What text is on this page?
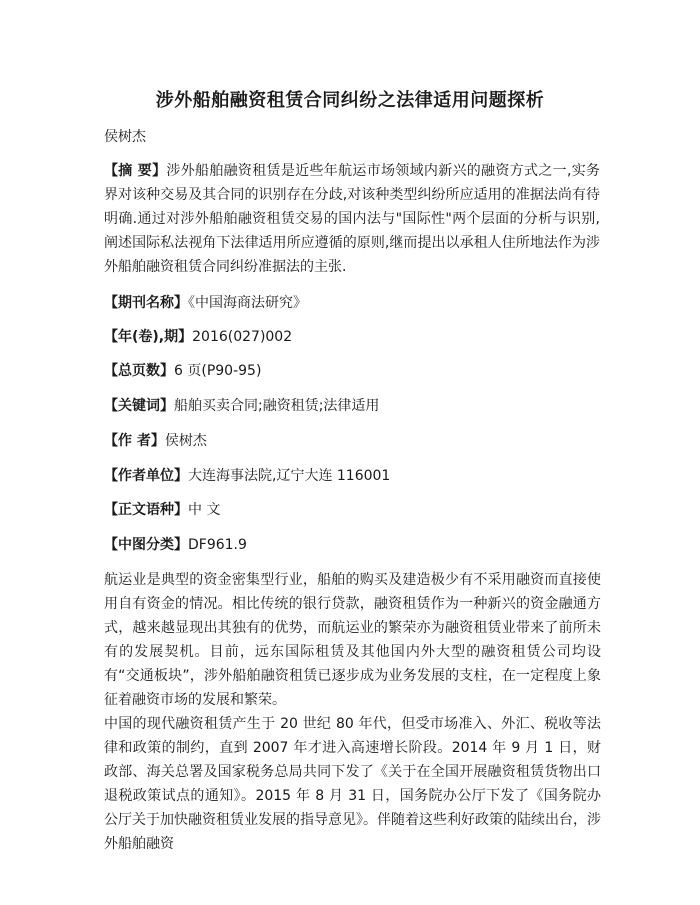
涉外船舶融资租赁合同纠纷之法律适用问题探析
侯树杰
【摘 要】涉外船舶融资租赁是近些年航运市场领域内新兴的融资方式之一,实务界对该种交易及其合同的识别存在分歧,对该种类型纠纷所应适用的准据法尚有待明确.通过对涉外船舶融资租赁交易的国内法与"国际性"两个层面的分析与识别,阐述国际私法视角下法律适用所应遵循的原则,继而提出以承租人住所地法作为涉外船舶融资租赁合同纠纷准据法的主张.
【期刊名称】《中国海商法研究》
【年(卷),期】2016(027)002
【总页数】6 页(P90-95)
【关键词】船舶买卖合同;融资租赁;法律适用
【作 者】侯树杰
【作者单位】大连海事法院,辽宁大连 116001
【正文语种】中 文
【中图分类】DF961.9

航运业是典型的资金密集型行业，船舶的购买及建造极少有不采用融资而直接使用自有资金的情况。相比传统的银行贷款，融资租赁作为一种新兴的资金融通方式，越来越显现出其独有的优势，而航运业的繁荣亦为融资租赁业带来了前所未有的发展契机。目前，远东国际租赁及其他国内外大型的融资租赁公司均设有“交通板块”，涉外船舶融资租赁已逐步成为业务发展的支柱，在一定程度上象征着融资市场的发展和繁荣。

中国的现代融资租赁产生于 20 世纪 80 年代，但受市场准入、外汇、税收等法律和政策的制约，直到 2007 年才进入高速增长阶段。2014 年 9 月 1 日，财政部、海关总署及国家税务总局共同下发了《关于在全国开展融资租赁货物出口退税政策试点的通知》。2015 年 8 月 31 日，国务院办公厅下发了《国务院办公厅关于加快融资租赁业发展的指导意见》。伴随着这些利好政策的陆续出台，涉外船舶融资
